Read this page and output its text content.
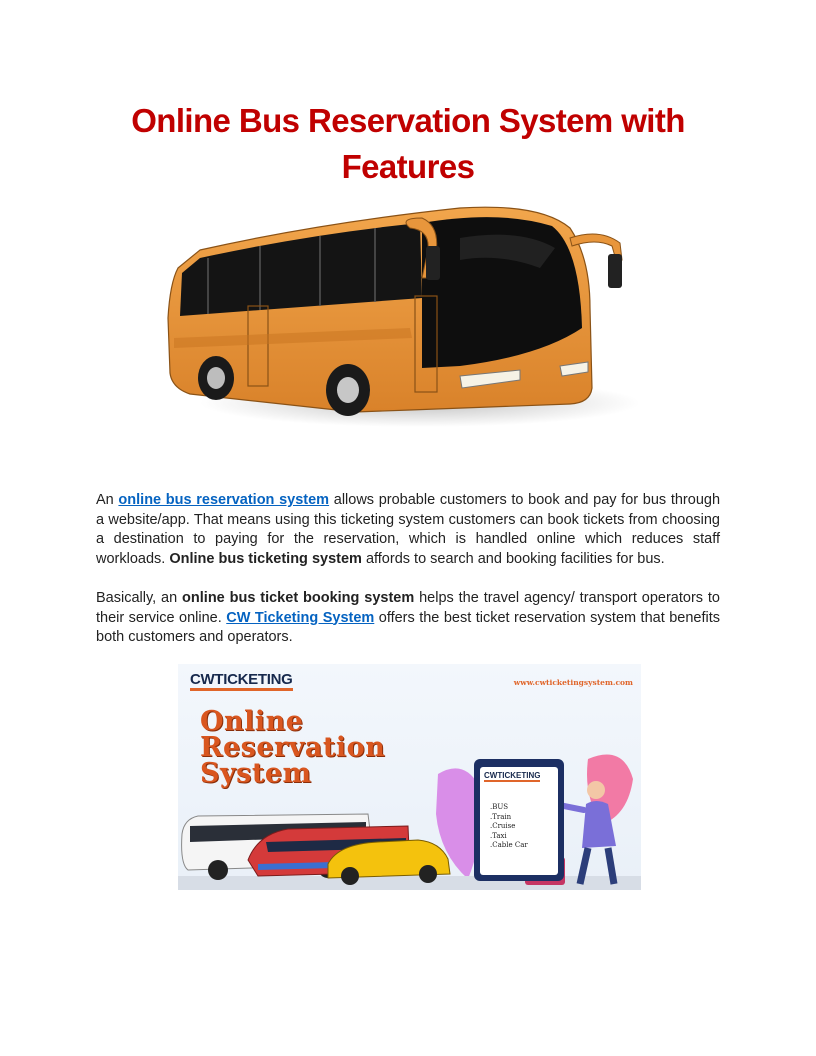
Online Bus Reservation System with
Features

An online bus reservation system allows probable customers to book and pay for bus through a website/app. That means using this ticketing system customers can book tickets from choosing a destination to paying for the reservation, which is handled online which reduces staff workloads. Online bus ticketing system affords to search and booking facilities for bus.

Basically, an online bus ticket booking system helps the travel agency/ transport operators to their service online. CW Ticketing System offers the best ticket reservation system that benefits both customers and operators.

CWTICKETING	www.cwticketingsystem.com
Online
Reservation
System	CWTICKETING
.BUS
.Train
.Cruise
.Taxi
.Cable Car
